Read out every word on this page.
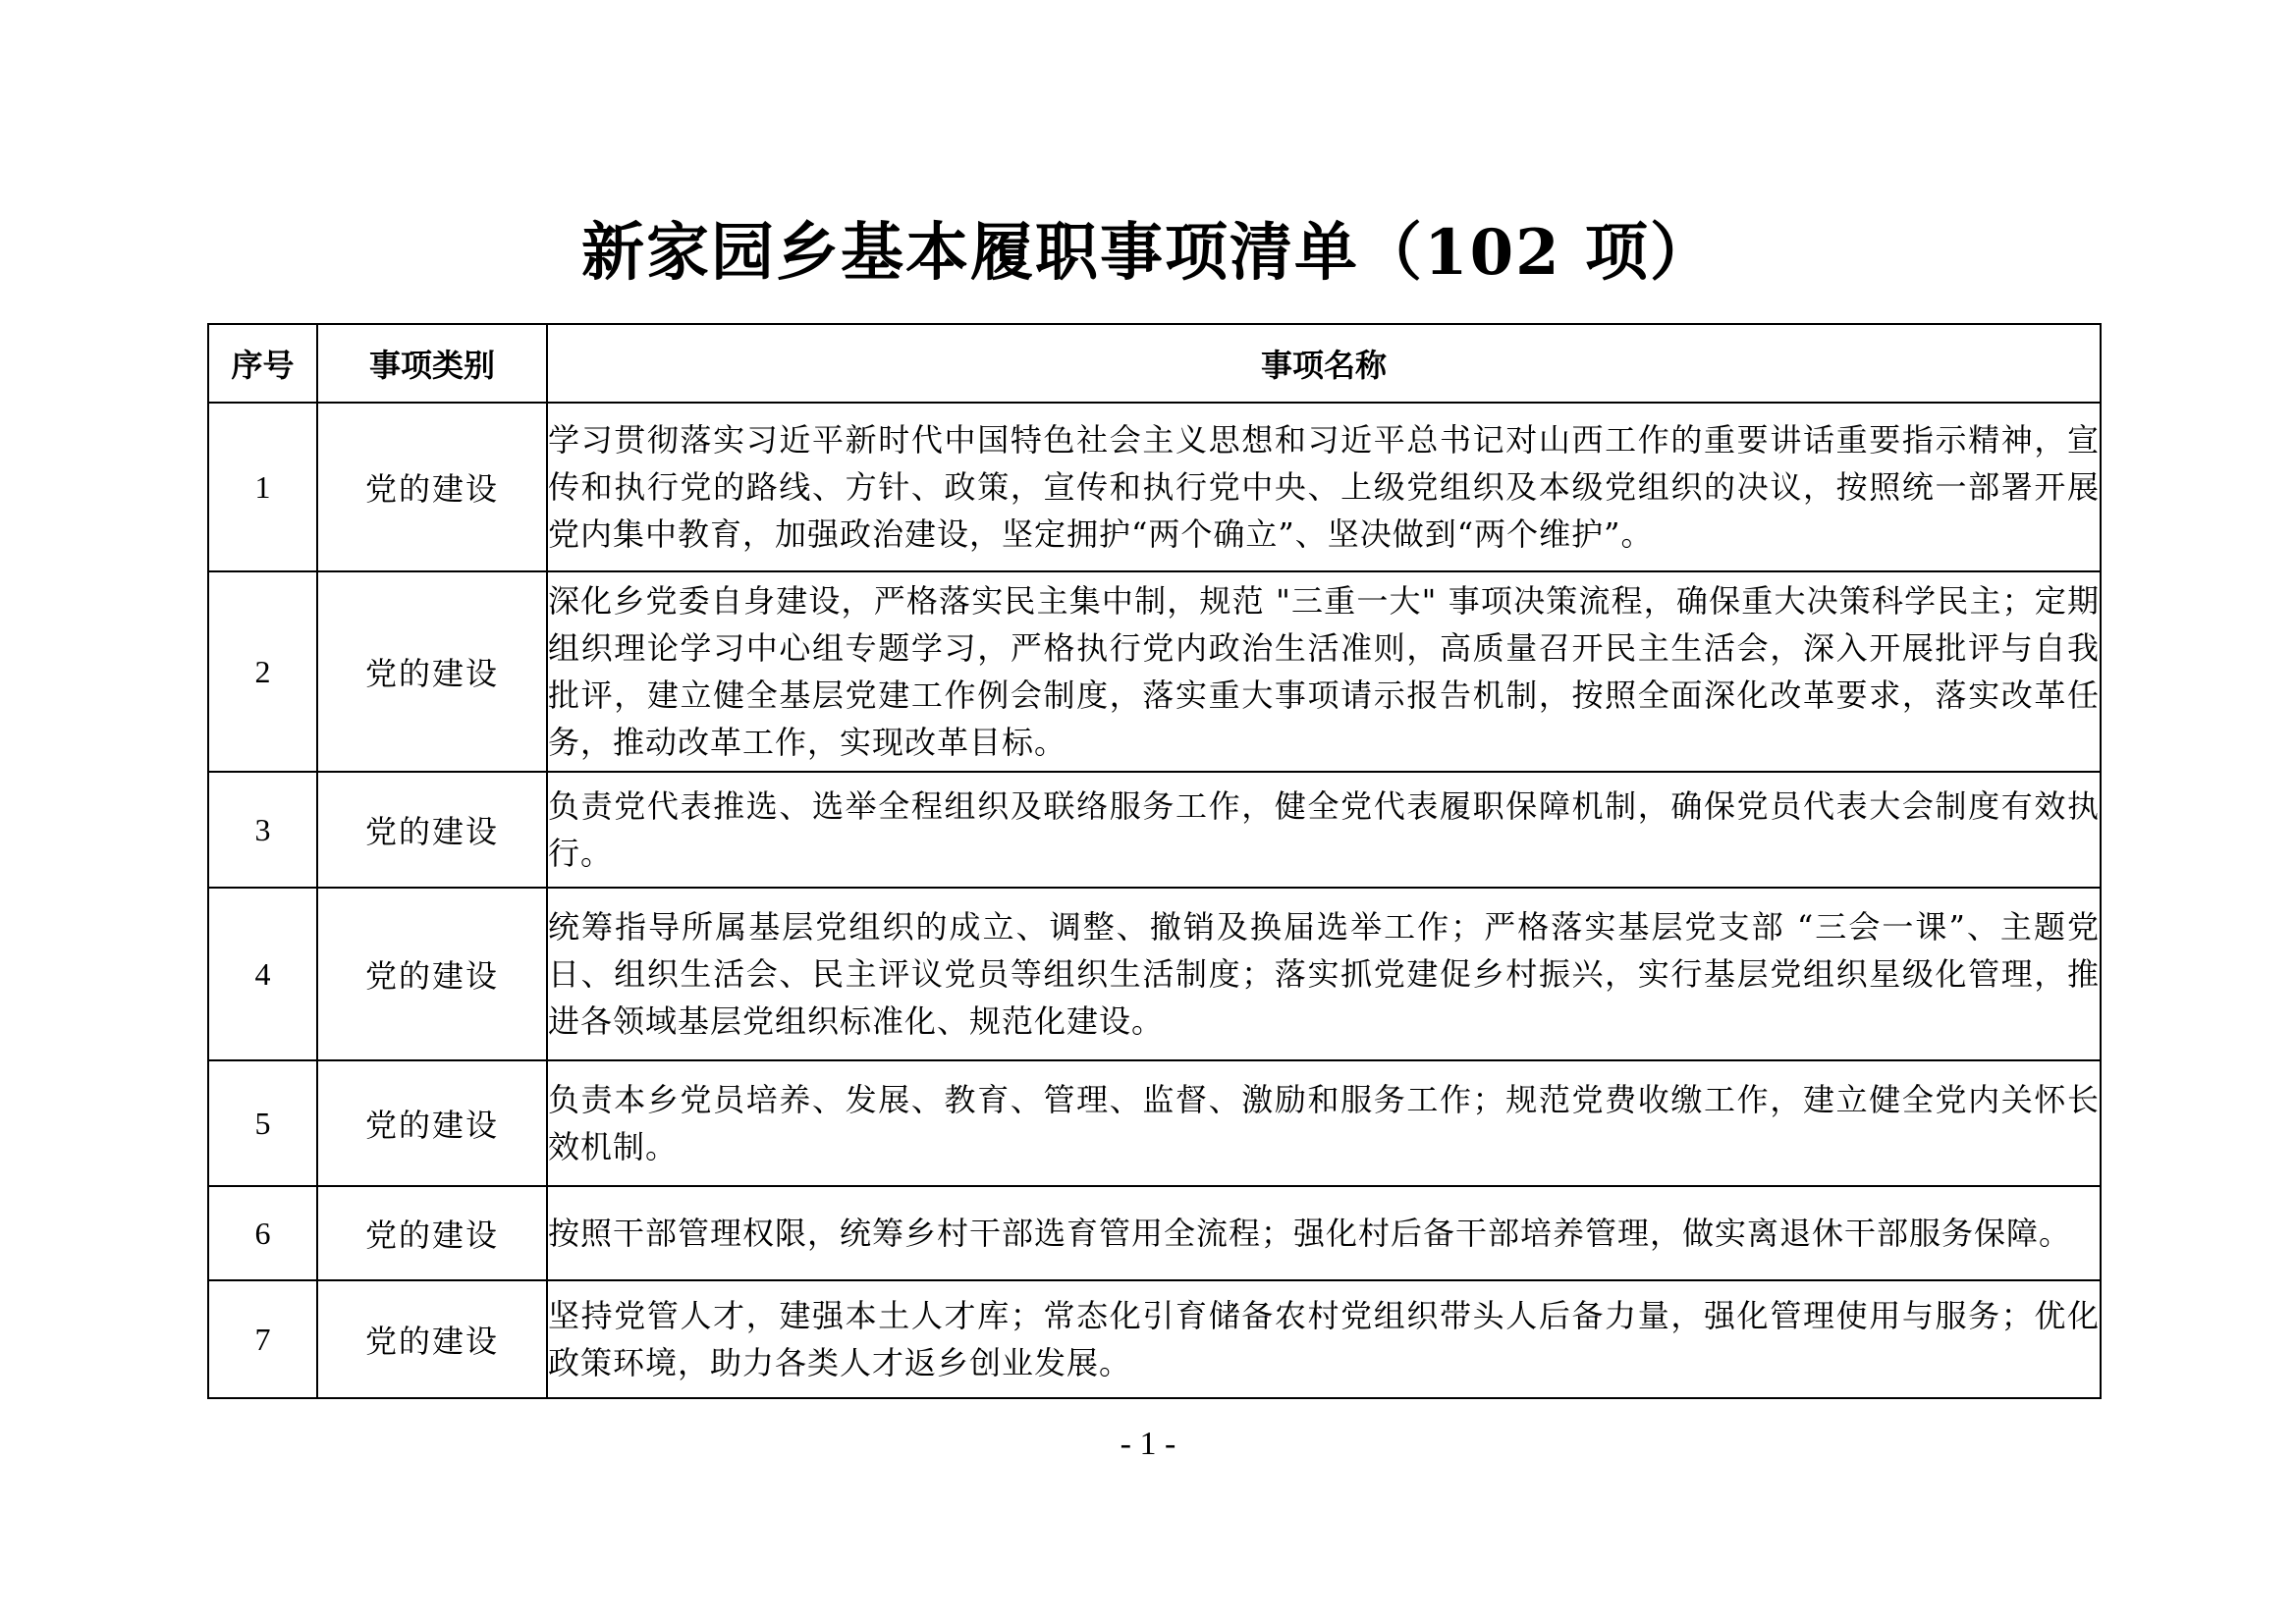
新家园乡基本履职事项清单（102 项）
序号	事项类别	事项名称
1	党的建设	学习贯彻落实习近平新时代中国特色社会主义思想和习近平总书记对山西工作的重要讲话重要指示精神，宣传和执行党的路线、方针、政策，宣传和执行党中央、上级党组织及本级党组织的决议，按照统一部署开展党内集中教育，加强政治建设，坚定拥护“两个确立”、坚决做到“两个维护”。
2	党的建设	深化乡党委自身建设，严格落实民主集中制，规范 "三重一大" 事项决策流程，确保重大决策科学民主；定期组织理论学习中心组专题学习，严格执行党内政治生活准则，高质量召开民主生活会，深入开展批评与自我批评，建立健全基层党建工作例会制度，落实重大事项请示报告机制，按照全面深化改革要求，落实改革任务，推动改革工作，实现改革目标。
3	党的建设	负责党代表推选、选举全程组织及联络服务工作，健全党代表履职保障机制，确保党员代表大会制度有效执行。
4	党的建设	统筹指导所属基层党组织的成立、调整、撤销及换届选举工作；严格落实基层党支部 “三会一课”、主题党日、组织生活会、民主评议党员等组织生活制度；落实抓党建促乡村振兴，实行基层党组织星级化管理，推进各领域基层党组织标准化、规范化建设。
5	党的建设	负责本乡党员培养、发展、教育、管理、监督、激励和服务工作；规范党费收缴工作，建立健全党内关怀长效机制。
6	党的建设	按照干部管理权限，统筹乡村干部选育管用全流程；强化村后备干部培养管理，做实离退休干部服务保障。
7	党的建设	坚持党管人才，建强本土人才库；常态化引育储备农村党组织带头人后备力量，强化管理使用与服务；优化政策环境，助力各类人才返乡创业发展。
- 1 -
